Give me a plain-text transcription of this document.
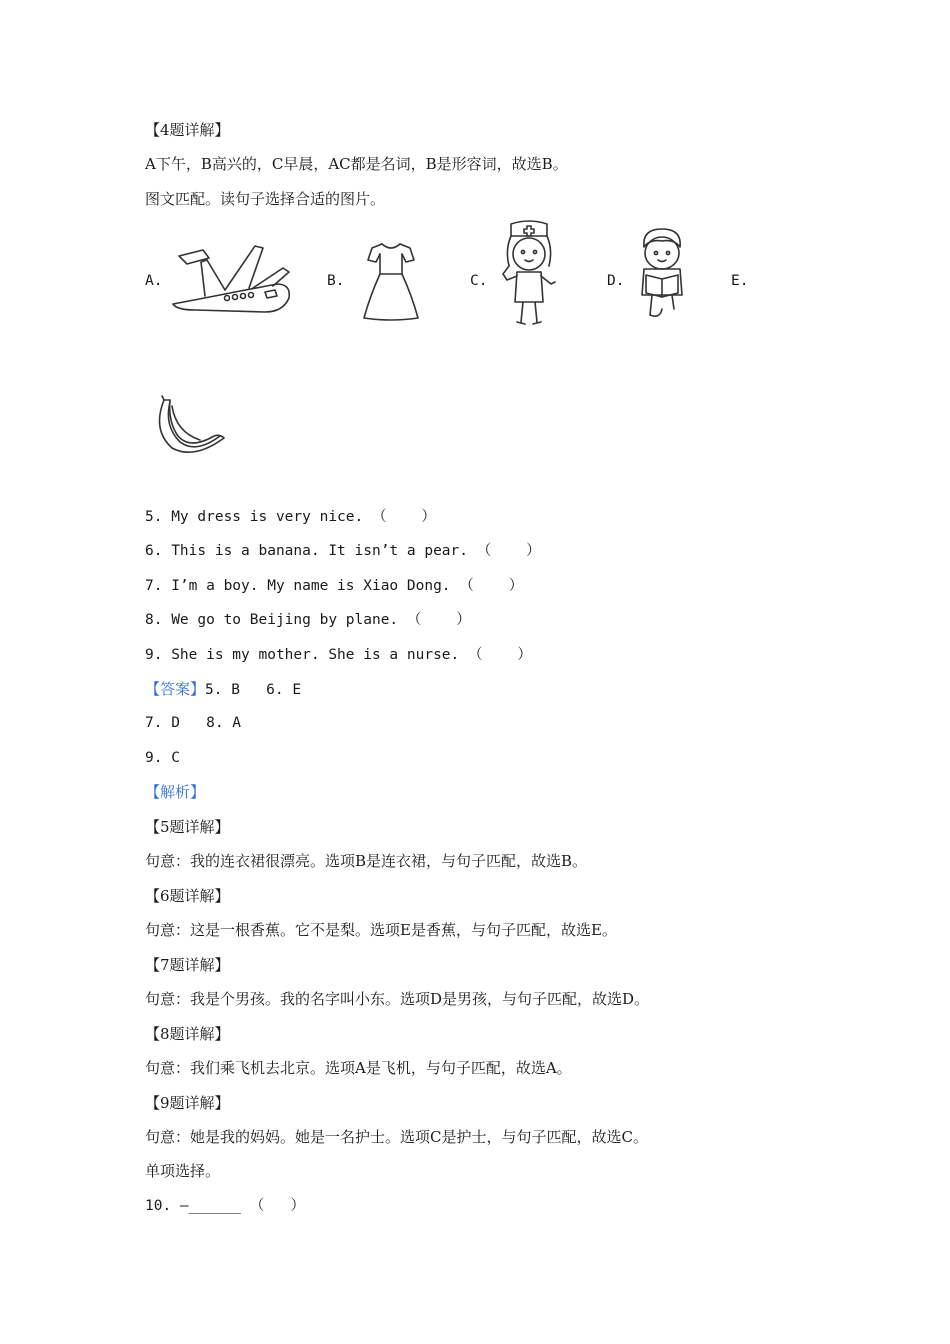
【4题详解】
A下午，B高兴的，C早晨，AC都是名词，B是形容词，故选B。
图文匹配。读句子选择合适的图片。
A.	B.	C.	D.	E.
5. My dress is very nice. （    ）
6. This is a banana. It isn’t a pear. （    ）
7. I’m a boy. My name is Xiao Dong. （    ）
8. We go to Beijing by plane. （    ）
9. She is my mother. She is a nurse. （    ）
【答案】5. B   6. E
7. D   8. A
9. C
【解析】
【5题详解】
句意：我的连衣裙很漂亮。选项B是连衣裙，与句子匹配，故选B。
【6题详解】
句意：这是一根香蕉。它不是梨。选项E是香蕉，与句子匹配，故选E。
【7题详解】
句意：我是个男孩。我的名字叫小东。选项D是男孩，与句子匹配，故选D。
【8题详解】
句意：我们乘飞机去北京。选项A是飞机，与句子匹配，故选A。
【9题详解】
句意：她是我的妈妈。她是一名护士。选项C是护士，与句子匹配，故选C。
单项选择。
10. —______ （   ）
